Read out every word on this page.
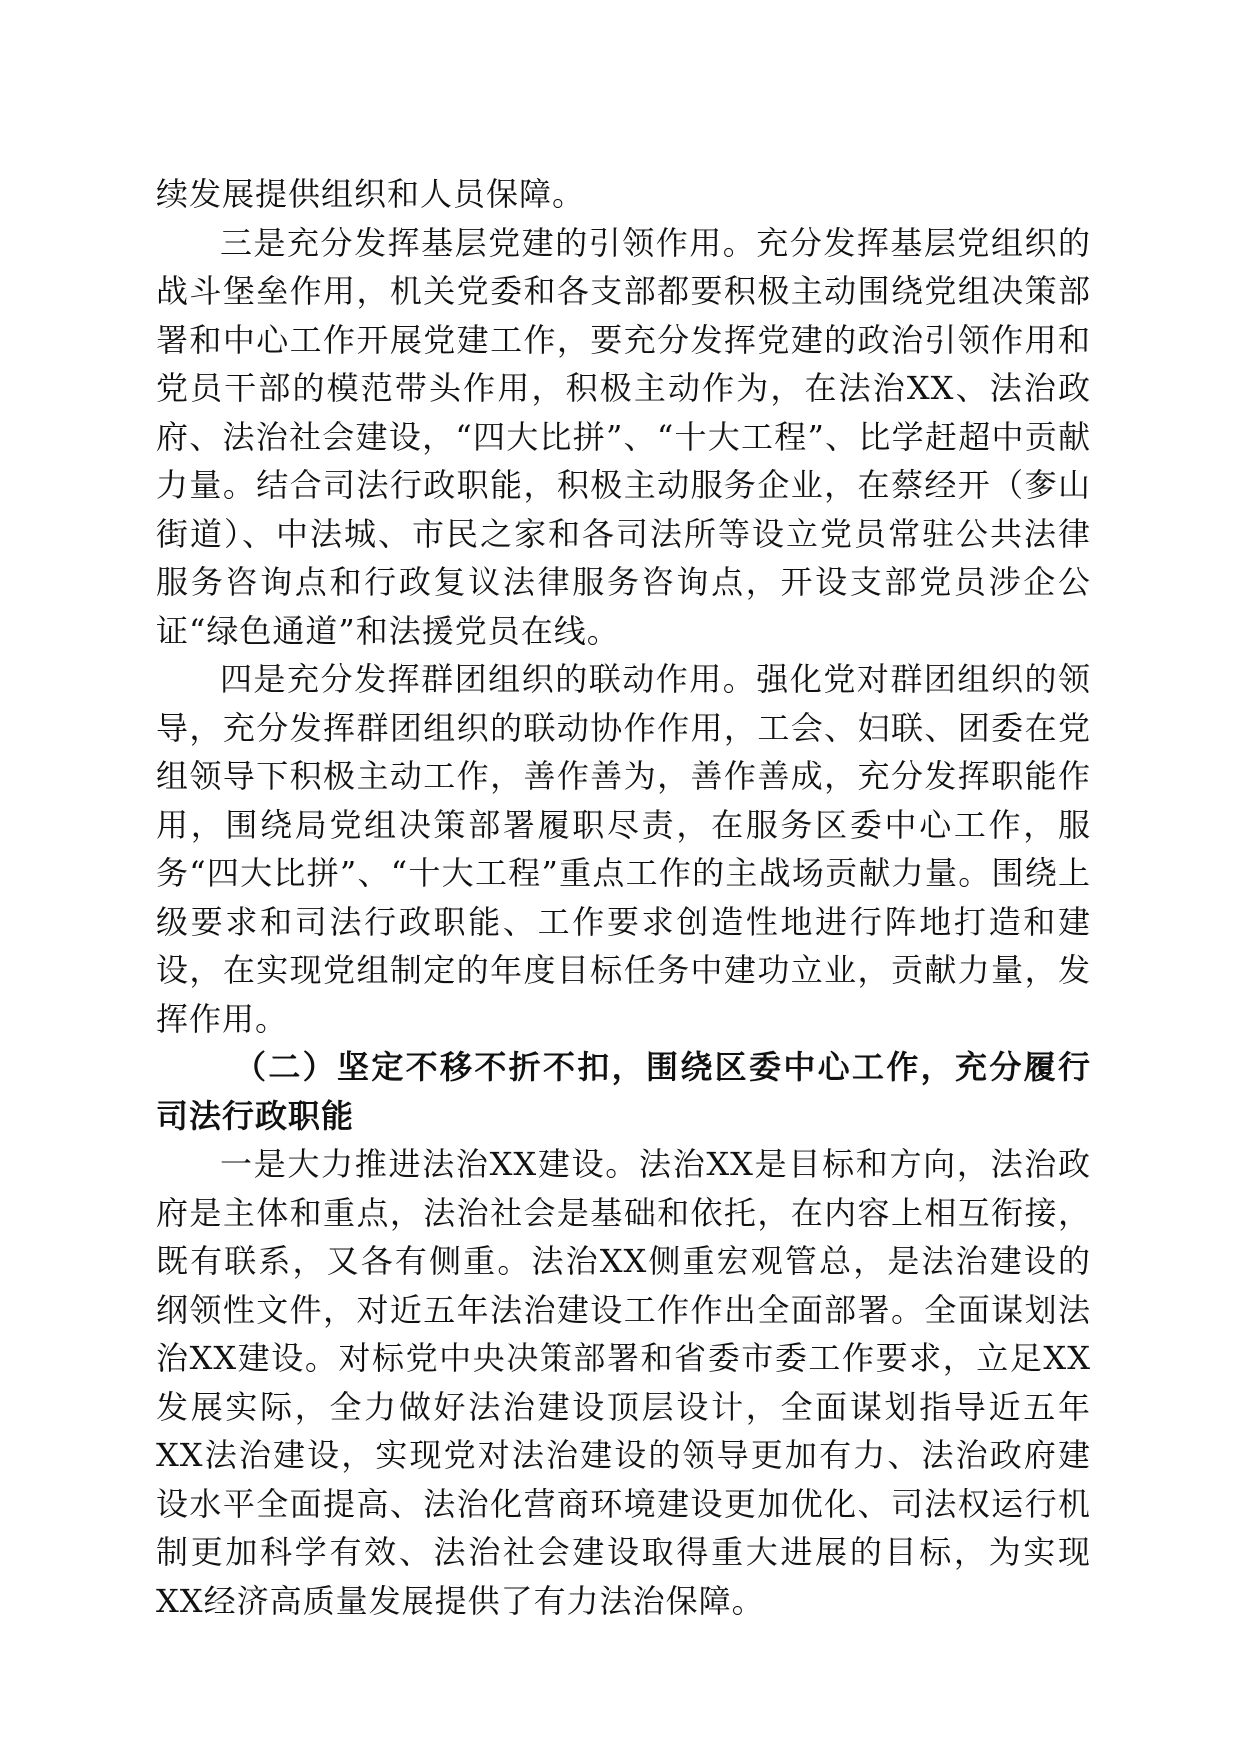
续发展提供组织和人员保障。

三是充分发挥基层党建的引领作用。充分发挥基层党组织的战斗堡垒作用，机关党委和各支部都要积极主动围绕党组决策部署和中心工作开展党建工作，要充分发挥党建的政治引领作用和党员干部的模范带头作用，积极主动作为，在法治XX、法治政府、法治社会建设，“四大比拼”、“十大工程”、比学赶超中贡献力量。结合司法行政职能，积极主动服务企业，在蔡经开（奓山街道）、中法城、市民之家和各司法所等设立党员常驻公共法律服务咨询点和行政复议法律服务咨询点，开设支部党员涉企公证“绿色通道”和法援党员在线。

四是充分发挥群团组织的联动作用。强化党对群团组织的领导，充分发挥群团组织的联动协作作用，工会、妇联、团委在党组领导下积极主动工作，善作善为，善作善成，充分发挥职能作用，围绕局党组决策部署履职尽责，在服务区委中心工作，服务“四大比拼”、“十大工程”重点工作的主战场贡献力量。围绕上级要求和司法行政职能、工作要求创造性地进行阵地打造和建设，在实现党组制定的年度目标任务中建功立业，贡献力量，发挥作用。

（二）坚定不移不折不扣，围绕区委中心工作，充分履行司法行政职能

一是大力推进法治XX建设。法治XX是目标和方向，法治政府是主体和重点，法治社会是基础和依托，在内容上相互衔接，既有联系，又各有侧重。法治XX侧重宏观管总，是法治建设的纲领性文件，对近五年法治建设工作作出全面部署。全面谋划法治XX建设。对标党中央决策部署和省委市委工作要求，立足XX发展实际，全力做好法治建设顶层设计，全面谋划指导近五年XX法治建设，实现党对法治建设的领导更加有力、法治政府建设水平全面提高、法治化营商环境建设更加优化、司法权运行机制更加科学有效、法治社会建设取得重大进展的目标，为实现XX经济高质量发展提供了有力法治保障。
